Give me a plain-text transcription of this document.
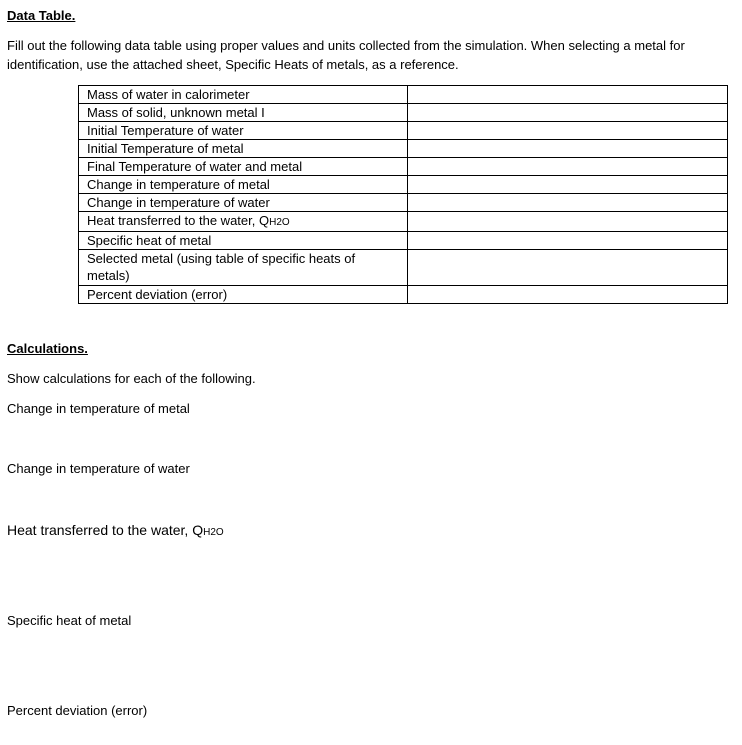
Data Table.
Fill out the following data table using proper values and units collected from the simulation. When selecting a metal for identification, use the attached sheet, Specific Heats of metals, as a reference.
Mass of water in calorimeter	
Mass of solid, unknown metal I	
Initial Temperature of water	
Initial Temperature of metal	
Final Temperature of water and metal	
Change in temperature of metal	
Change in temperature of water	
Heat transferred to the water, QH2O	
Specific heat of metal	
Selected metal (using table of specific heats of metals)	
Percent deviation (error)	
Calculations.
Show calculations for each of the following.
Change in temperature of metal
Change in temperature of water
Heat transferred to the water, QH2O
Specific heat of metal
Percent deviation (error)
